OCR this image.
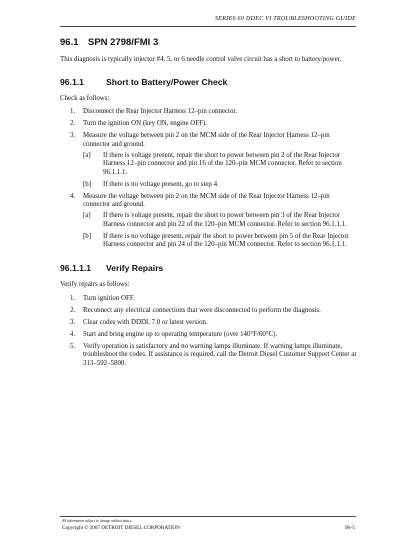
SERIES 60 DDEC VI TROUBLESHOOTING GUIDE
96.1 SPN 2798/FMI 3

This diagnosis is typically injector #4, 5, or 6 needle control valve circuit has a short to battery/power.

96.1.1	Short to Battery/Power Check

Check as follows:

1. Disconnect the Rear Injector Harness 12–pin connector.
2. Turn the ignition ON (key ON, engine OFF).
3. Measure the voltage between pin 2 on the MCM side of the Rear Injector Harness 12–pin connector and ground.
[a] If there is voltage present, repair the short to power between pin 2 of the Rear Injector Harness 12–pin connector and pin 16 of the 120–pin MCM connector. Refer to section 96.1.1.1.
[b] If there is no voltage present, go to step 4.
4. Measure the voltage between pin 2 on the MCM side of the Rear Injector Harness 12–pin connector and ground.
[a] If there is voltage present, repair the short to power between pin 3 of the Rear Injector Harness connector and pin 22 of the 120–pin MCM connector. Refer to section 96.1.1.1.
[b] If there is no voltage present, repair the short to power between pin 5 of the Rear Injector Harness connector and pin 24 of the 120–pin MCM connector. Refer to section 96.1.1.1.
96.1.1.1 Verify Repairs

Verify repairs as follows:

1. Turn ignition OFF.
2. Reconnect any electrical connections that were disconnected to perform the diagnosis.
3. Clear codes with DDDL 7.0 or latest version.
4. Start and bring engine up to operating temperature (over 140°F/60°C).
5. Verify operation is satisfactory and no warning lamps illuminate. If warning lamps illuminate, troubleshoot the codes. If assistance is required, call the Detroit Diesel Customer Support Center at 313–592–5800.
All information subject to change without notice.
Copyright © 2007 DETROIT DIESEL CORPORATION	96-5
